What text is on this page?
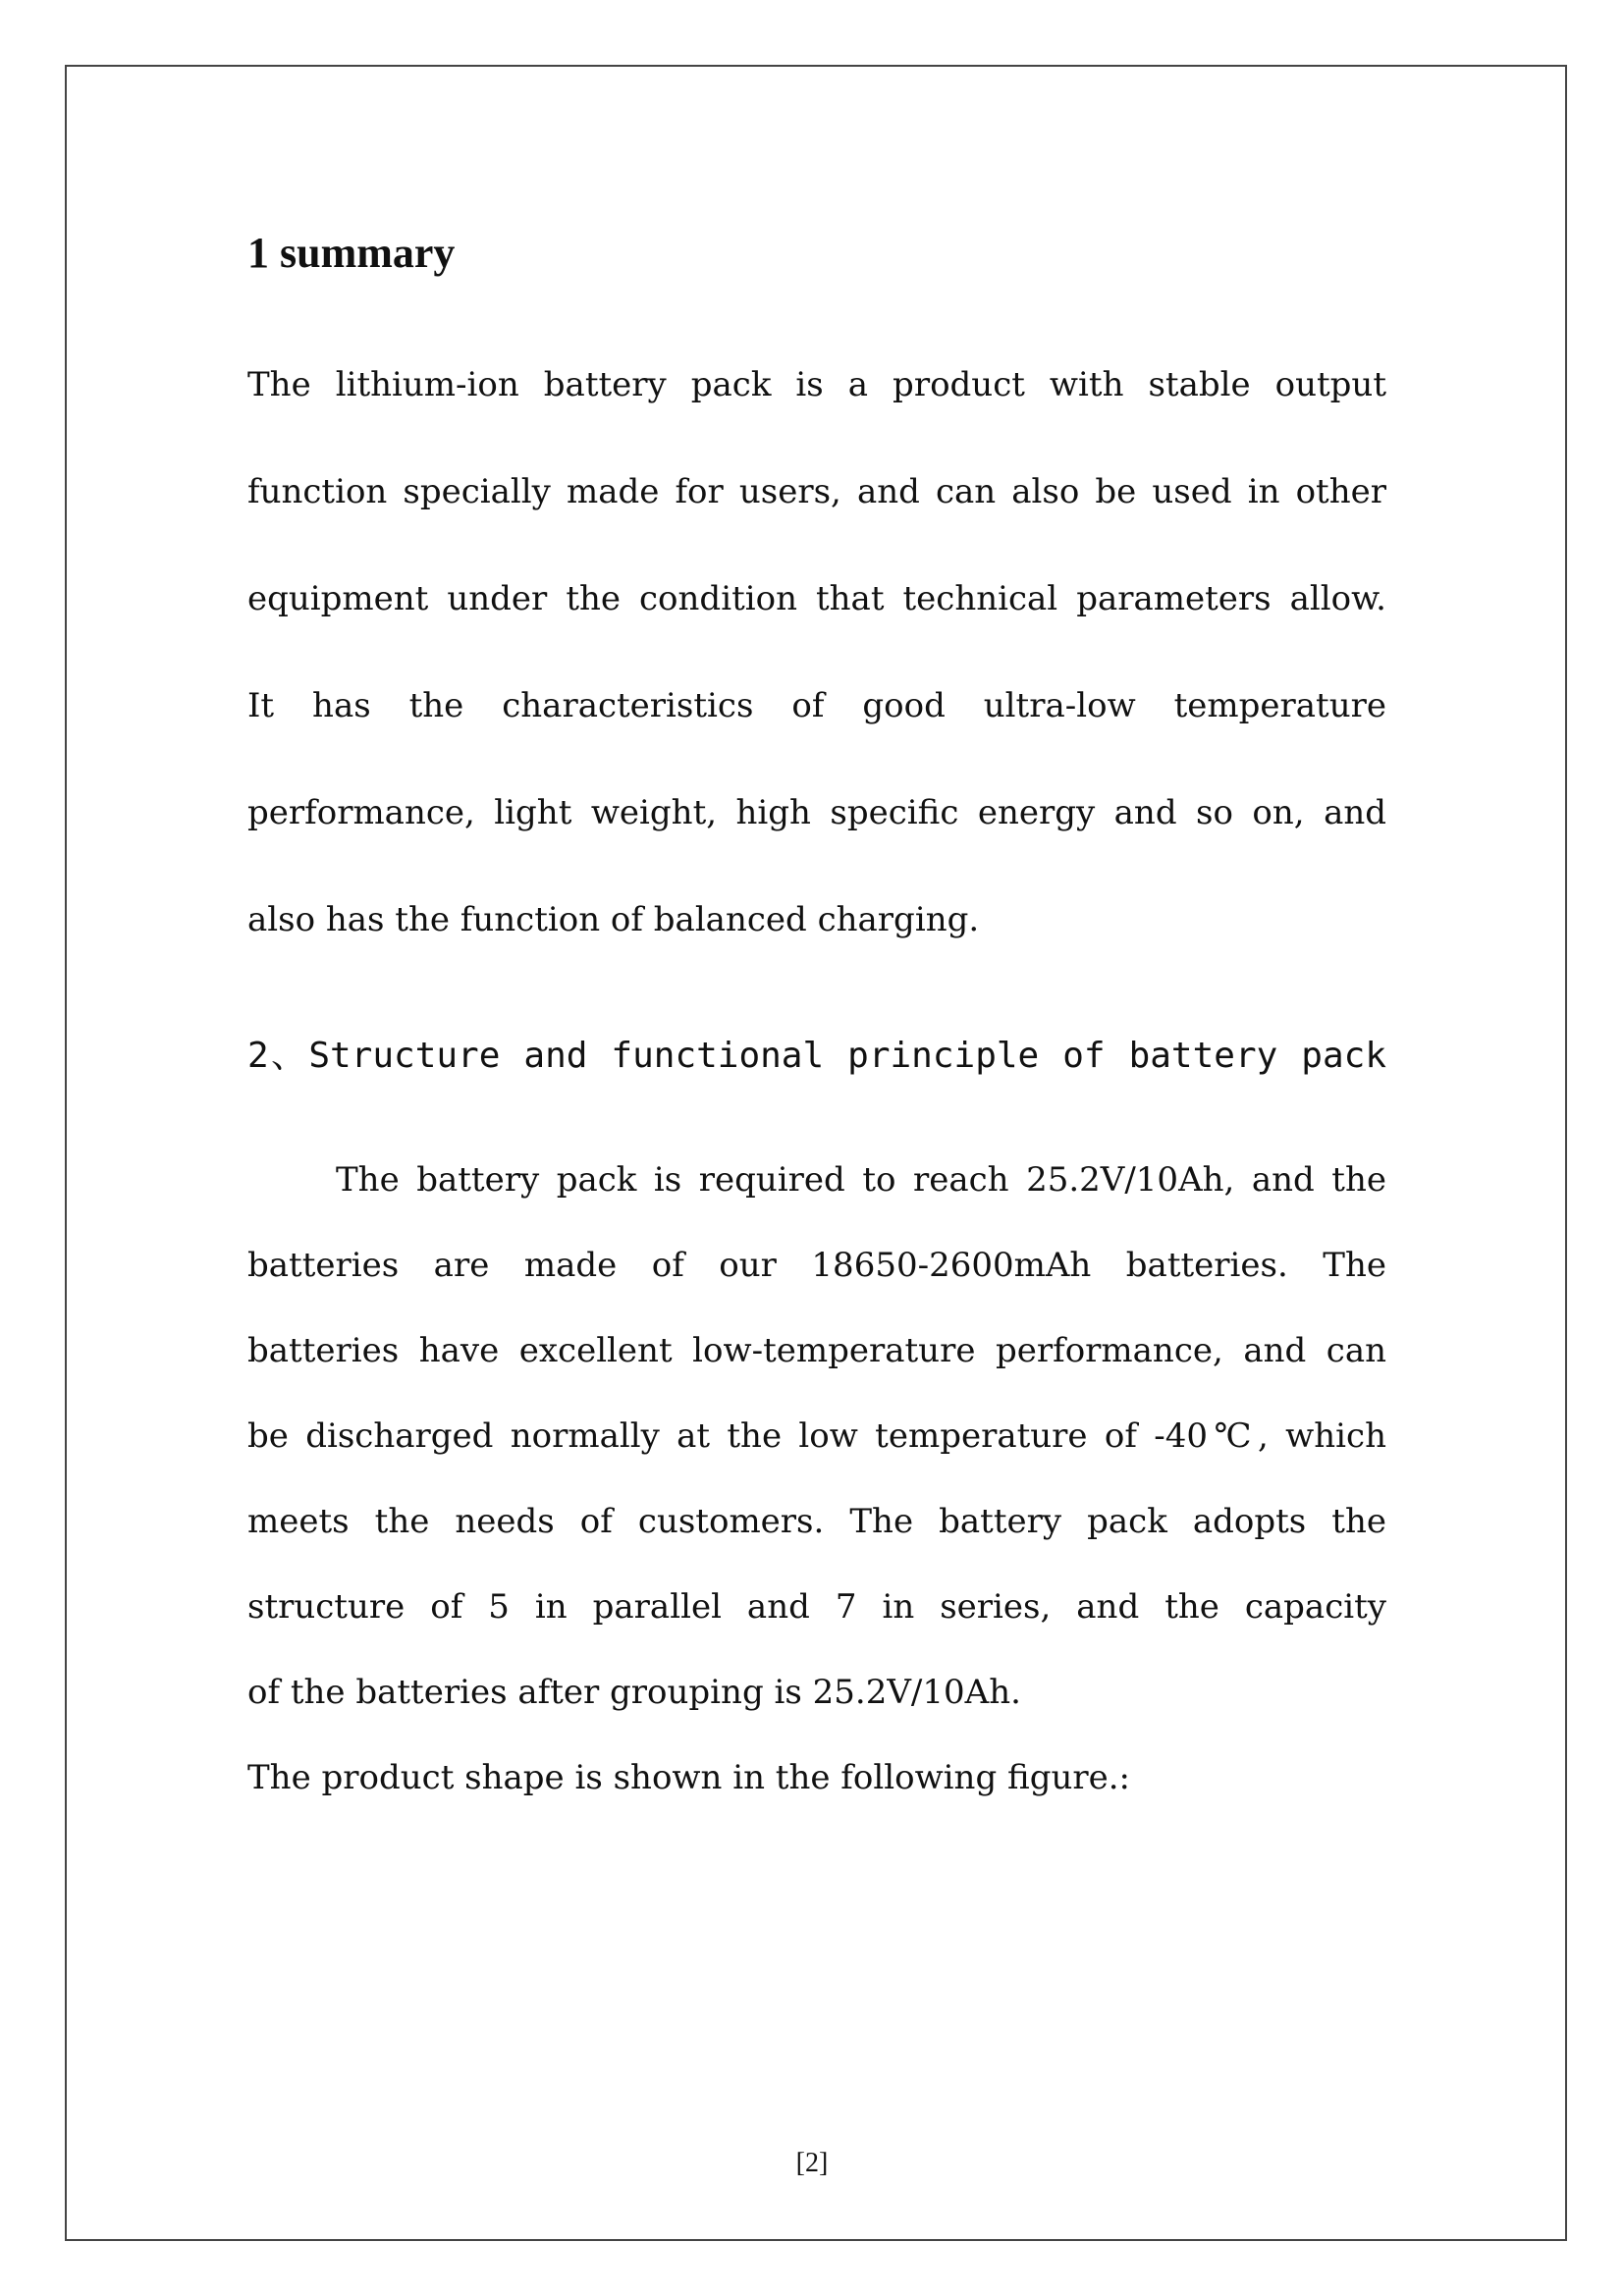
1 summary
The lithium-ion battery pack is a product with stable output
function specially made for users, and can also be used in other
equipment under the condition that technical parameters allow.
It has the characteristics of good ultra-low temperature
performance, light weight, high specific energy and so on, and
also has the function of balanced charging.
2、Structure and functional principle of battery pack
The battery pack is required to reach 25.2V/10Ah, and the
batteries are made of our 18650-2600mAh batteries. The
batteries have excellent low-temperature performance, and can
be discharged normally at the low temperature of -40℃, which
meets the needs of customers. The battery pack adopts the
structure of 5 in parallel and 7 in series, and the capacity
of the batteries after grouping is 25.2V/10Ah.
The product shape is shown in the following figure.:
[2]
